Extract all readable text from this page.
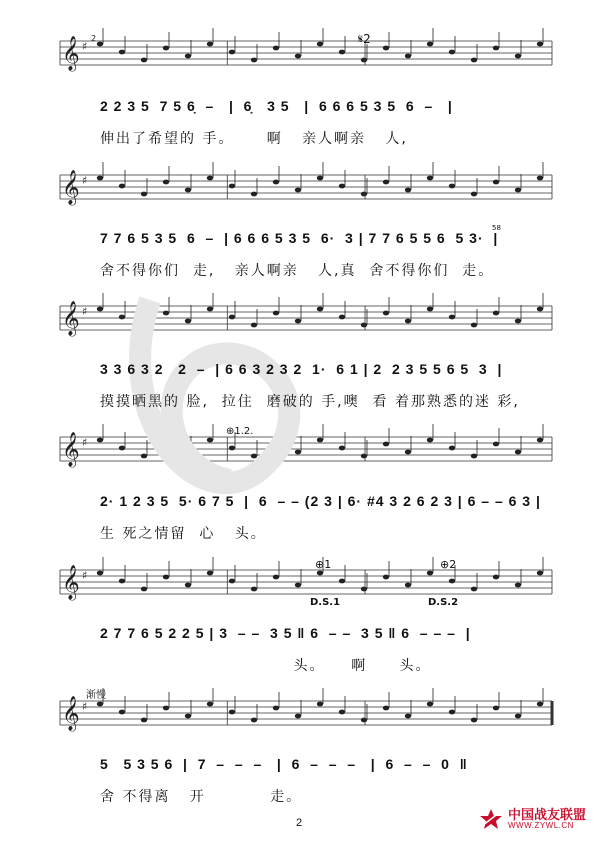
𝄞 ♯
𝄞 ♯
𝄞 ♯
𝄞 ♯
𝄞 ♯
𝄞 ♯
2 2 3 5  7 5 6̣  –   |  6̣   3 5   |  6 6 6 5 3 5  6  –   |
伸出了希望的 手。     啊   亲人啊亲   人,
7 7 6 5 3 5  6  –  | 6 6 6 5 3 5  6·  3 | 7 7 6 5 5 6  5 3·  |
舍不得你们  走,   亲人啊亲   人,真  舍不得你们  走。
3 3 6 3 2   2  –  | 6 6 3 2 3 2  1·  6 1 | 2  2 3 5 5 6 5  3  |
摸摸晒黑的 脸,  拉住  磨破的 手,噢  看 着那熟悉的迷 彩,
2· 1 2 3 5  5· 6 7 5  |  6  – – (2 3 | 6· #4 3 2 6 2 3 | 6 – – 6 3 |
生 死之情留  心   头。
2 7 7 6 5 2 2 5 | 3  – –  3 5 ‖ 6  – –  3 5 ‖ 6  – – –  |
头。    啊     头。
5   5 3 5 6  |  7  –  –  –   |  6  –  –  –   |  6  –  –  0  ‖
舍 不得离   开          走。
2	𝄋2
58
⊕1.2.
D.S.1	D.S.2
⊕1	⊕2
渐慢
2
中国战友联盟
WWW.ZYWL.CN
